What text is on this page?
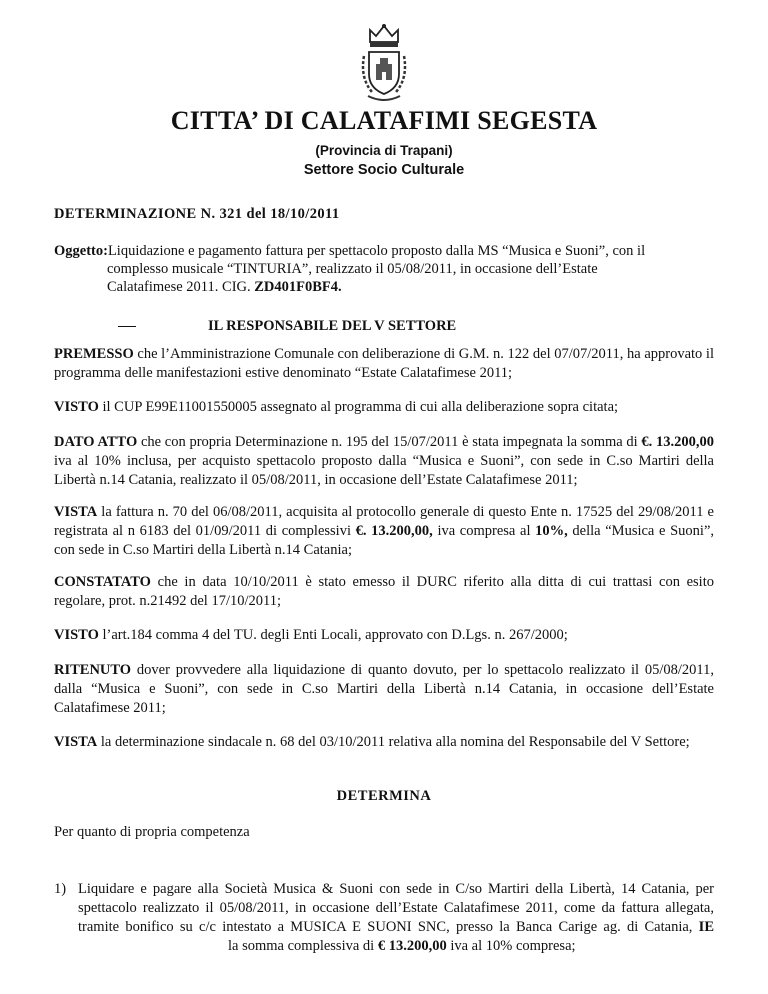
CITTA’ DI CALATAFIMI SEGESTA
(Provincia di Trapani)
Settore Socio Culturale
DETERMINAZIONE N. 321 del 18/10/2011
Oggetto:Liquidazione e pagamento fattura per spettacolo proposto dalla MS “Musica e Suoni”, con il
complesso musicale “TINTURIA”, realizzato il 05/08/2011, in occasione dell’Estate
Calatafimese 2011. CIG. ZD401F0BF4.
IL RESPONSABILE DEL V SETTORE
PREMESSO che l’Amministrazione Comunale con deliberazione di G.M. n. 122 del 07/07/2011, ha approvato il programma delle manifestazioni estive denominato “Estate Calatafimese 2011;
VISTO il CUP E99E11001550005 assegnato al programma di cui alla deliberazione sopra citata;
DATO ATTO che con propria Determinazione n. 195 del 15/07/2011 è stata impegnata la somma di €. 13.200,00 iva al 10% inclusa, per acquisto spettacolo proposto dalla “Musica e Suoni”, con sede in C.so Martiri della Libertà n.14 Catania, realizzato il 05/08/2011, in occasione dell’Estate Calatafimese 2011;
VISTA la fattura n. 70 del 06/08/2011, acquisita al protocollo generale di questo Ente n. 17525 del 29/08/2011 e registrata al n 6183 del 01/09/2011 di complessivi €. 13.200,00, iva compresa al 10%, della “Musica e Suoni”, con sede in C.so Martiri della Libertà n.14 Catania;
CONSTATATO che in data 10/10/2011 è stato emesso il DURC riferito alla ditta di cui trattasi con esito regolare, prot. n.21492 del 17/10/2011;
VISTO l’art.184 comma 4 del TU. degli Enti Locali, approvato con D.Lgs. n. 267/2000;
RITENUTO dover provvedere alla liquidazione di quanto dovuto, per lo spettacolo realizzato il 05/08/2011, dalla “Musica e Suoni”, con sede in C.so Martiri della Libertà n.14 Catania, in occasione dell’Estate Calatafimese 2011;
VISTA la determinazione sindacale n. 68 del 03/10/2011 relativa alla nomina del Responsabile del V Settore;
DETERMINA
Per quanto di propria competenza
1) Liquidare e pagare alla Società Musica & Suoni con sede in C/so Martiri della Libertà, 14 Catania, per spettacolo realizzato il 05/08/2011, in occasione dell’Estate Calatafimese 2011, come da fattura allegata, tramite bonifico su c/c intestato a MUSICA E SUONI SNC, presso la Banca Carige ag. di Catania, IEla somma complessiva di € 13.200,00 iva al 10% compresa;
